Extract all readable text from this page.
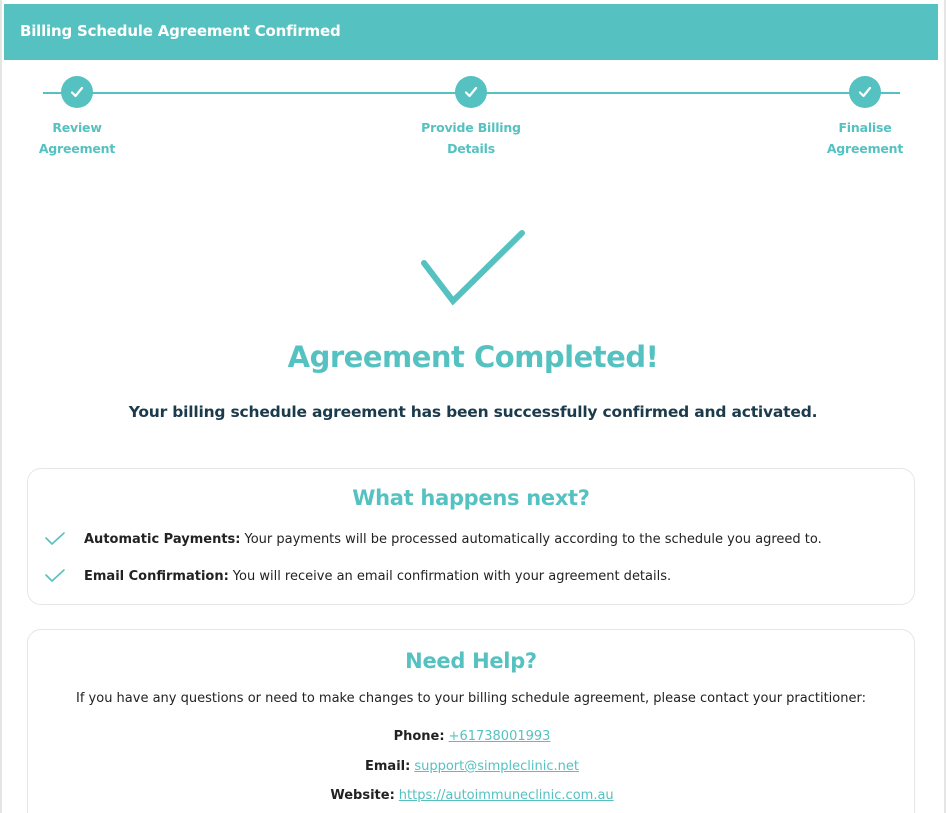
Billing Schedule Agreement Confirmed
Review
Agreement
Provide Billing
Details
Finalise
Agreement
Agreement Completed!

Your billing schedule agreement has been successfully confirmed and activated.

What happens next?
Automatic Payments: Your payments will be processed automatically according to the schedule you agreed to.
Email Confirmation: You will receive an email confirmation with your agreement details.
Need Help?

If you have any questions or need to make changes to your billing schedule agreement, please contact your practitioner:

Phone: +61738001993
Email: support@simpleclinic.net
Website: https://autoimmuneclinic.com.au
